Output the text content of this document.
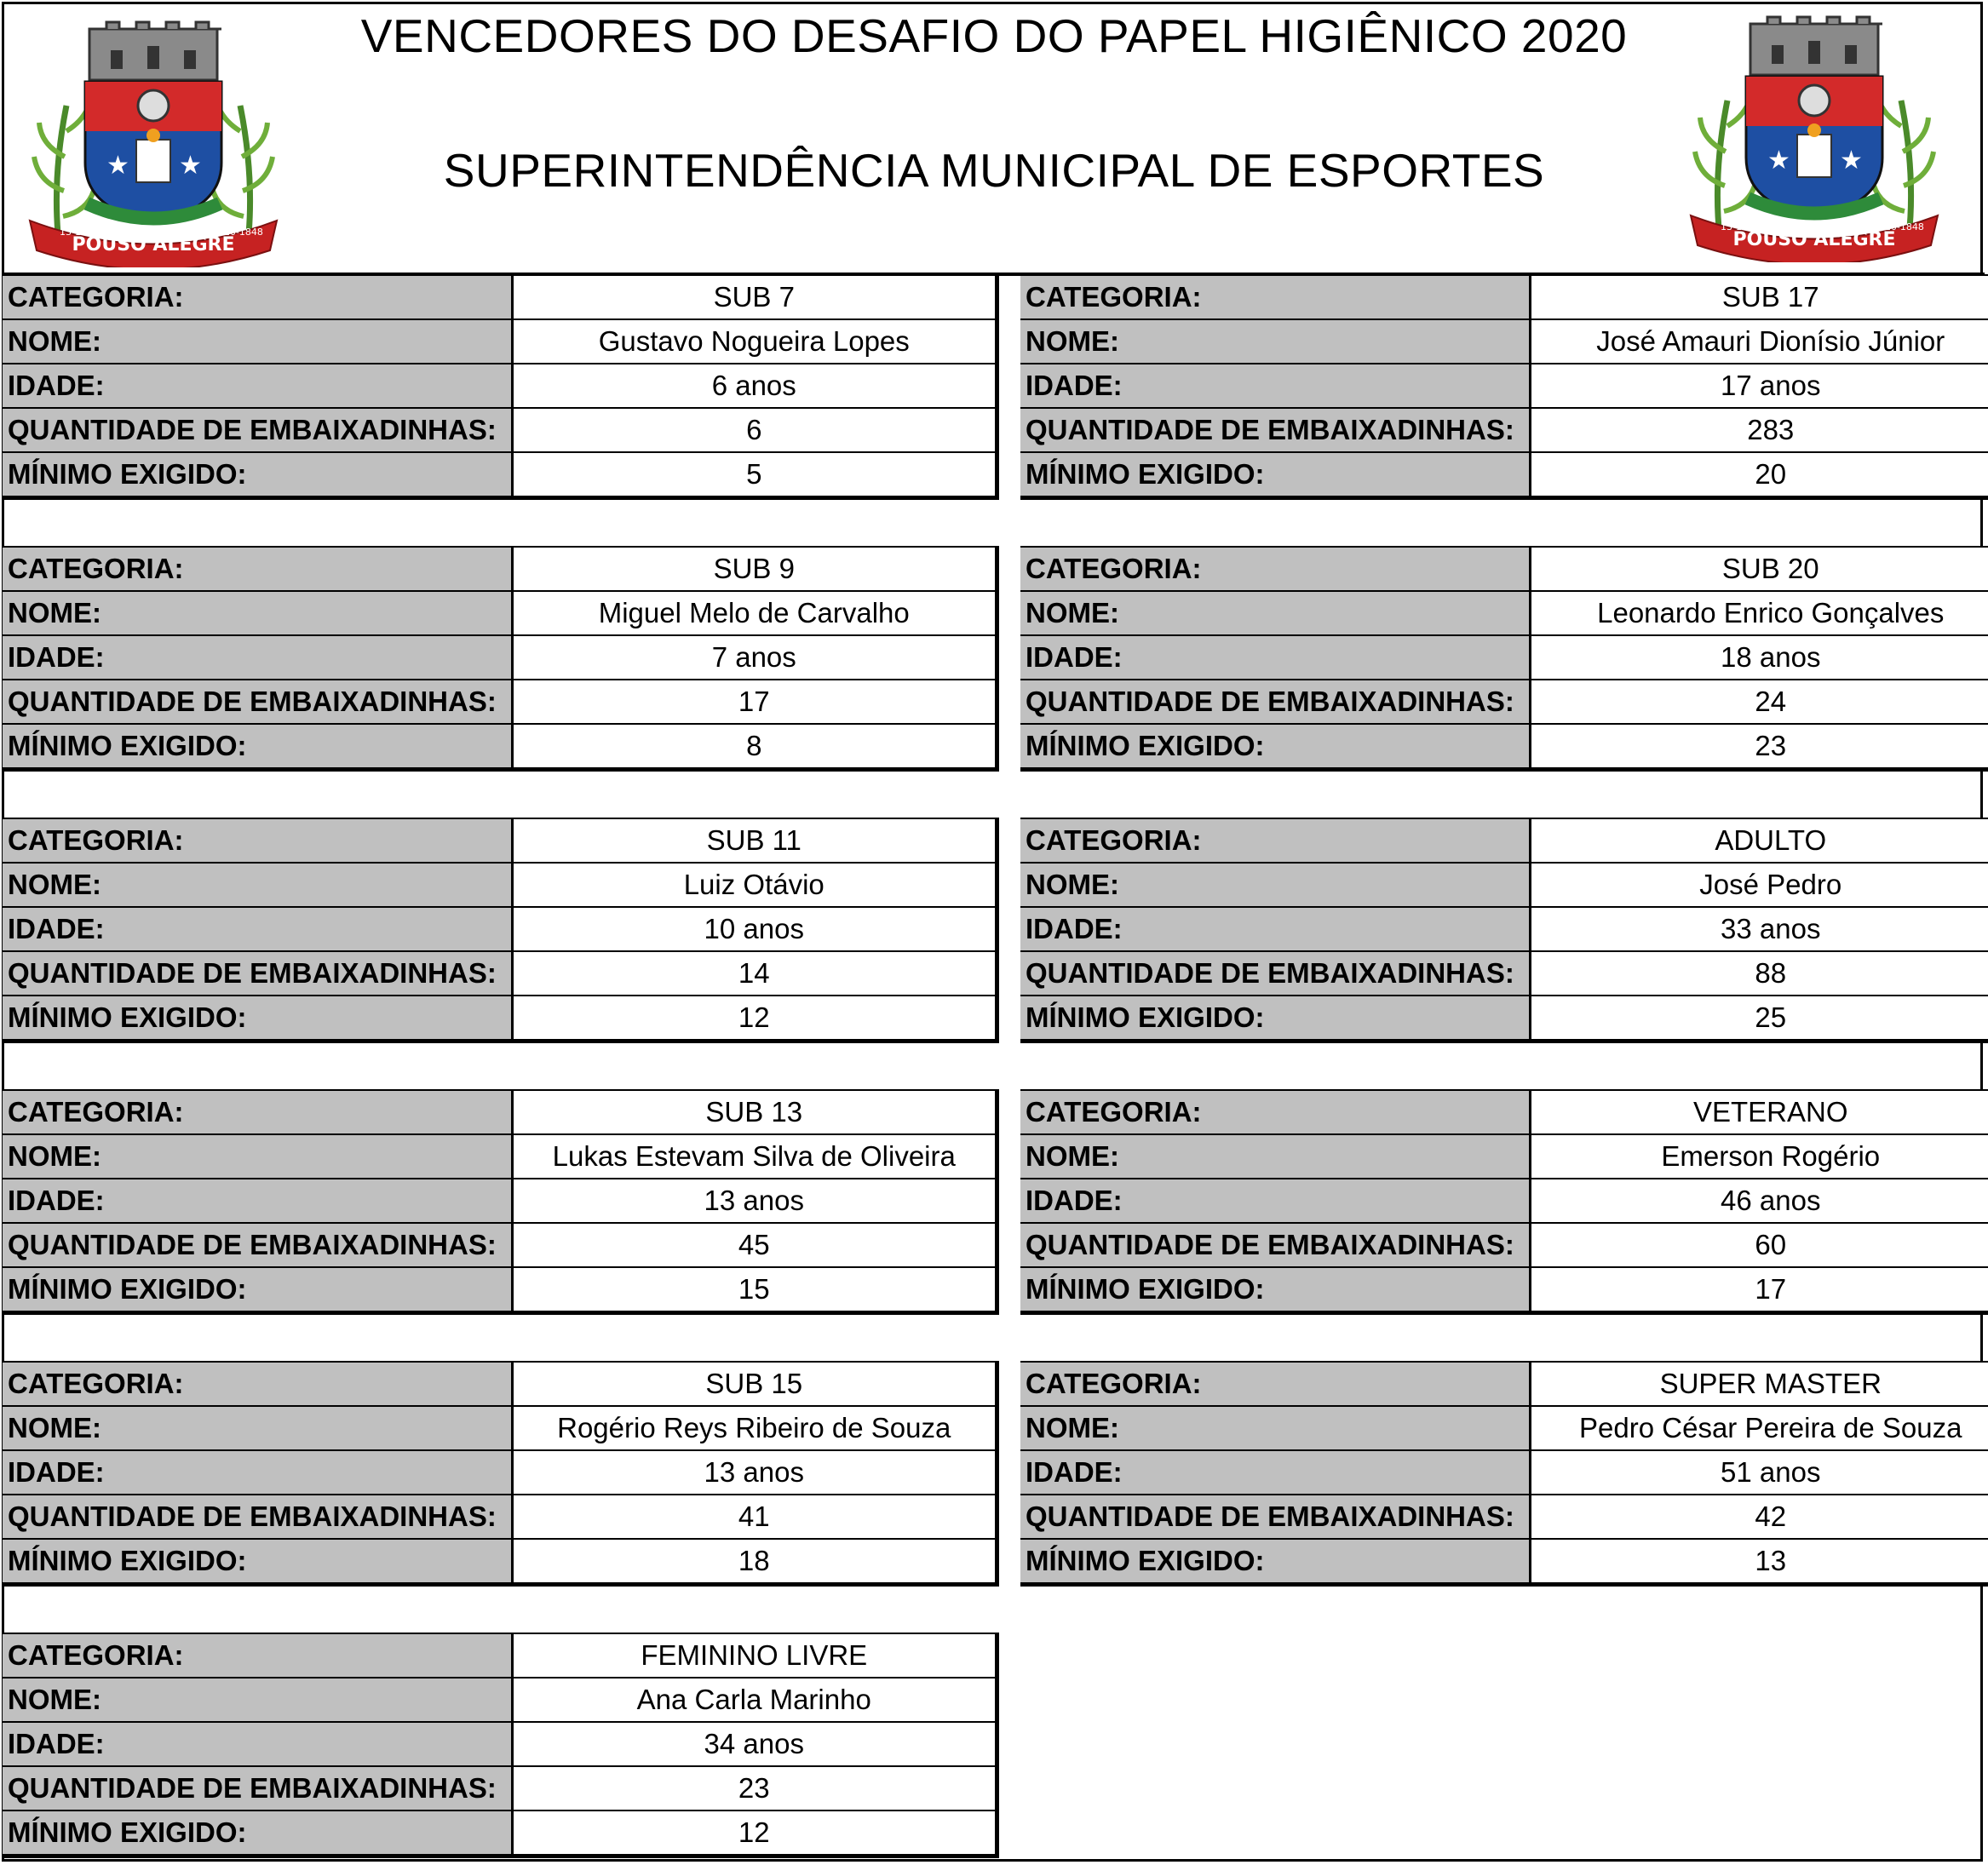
VENCEDORES DO DESAFIO DO PAPEL HIGIÊNICO 2020
SUPERINTENDÊNCIA MUNICIPAL DE ESPORTES
★ ★
POUSO ALEGRE
13-10-1831	19-10-1848
★ ★
POUSO ALEGRE
13-10-1831	19-10-1848
CATEGORIA:	SUB 7
NOME:	Gustavo Nogueira Lopes
IDADE:	6 anos
QUANTIDADE DE EMBAIXADINHAS:	6
MÍNIMO EXIGIDO:	5
CATEGORIA:	SUB 17
NOME:	José Amauri Dionísio Júnior
IDADE:	17 anos
QUANTIDADE DE EMBAIXADINHAS:	283
MÍNIMO EXIGIDO:	20
CATEGORIA:	SUB 9
NOME:	Miguel Melo de Carvalho
IDADE:	7 anos
QUANTIDADE DE EMBAIXADINHAS:	17
MÍNIMO EXIGIDO:	8
CATEGORIA:	SUB 20
NOME:	Leonardo Enrico Gonçalves
IDADE:	18 anos
QUANTIDADE DE EMBAIXADINHAS:	24
MÍNIMO EXIGIDO:	23
CATEGORIA:	SUB 11
NOME:	Luiz Otávio
IDADE:	10 anos
QUANTIDADE DE EMBAIXADINHAS:	14
MÍNIMO EXIGIDO:	12
CATEGORIA:	ADULTO
NOME:	José Pedro
IDADE:	33 anos
QUANTIDADE DE EMBAIXADINHAS:	88
MÍNIMO EXIGIDO:	25
CATEGORIA:	SUB 13
NOME:	Lukas Estevam Silva de Oliveira
IDADE:	13 anos
QUANTIDADE DE EMBAIXADINHAS:	45
MÍNIMO EXIGIDO:	15
CATEGORIA:	VETERANO
NOME:	Emerson Rogério
IDADE:	46 anos
QUANTIDADE DE EMBAIXADINHAS:	60
MÍNIMO EXIGIDO:	17
CATEGORIA:	SUB 15
NOME:	Rogério Reys Ribeiro de Souza
IDADE:	13 anos
QUANTIDADE DE EMBAIXADINHAS:	41
MÍNIMO EXIGIDO:	18
CATEGORIA:	SUPER MASTER
NOME:	Pedro César Pereira de Souza
IDADE:	51 anos
QUANTIDADE DE EMBAIXADINHAS:	42
MÍNIMO EXIGIDO:	13
CATEGORIA:	FEMININO LIVRE
NOME:	Ana Carla Marinho
IDADE:	34 anos
QUANTIDADE DE EMBAIXADINHAS:	23
MÍNIMO EXIGIDO:	12
